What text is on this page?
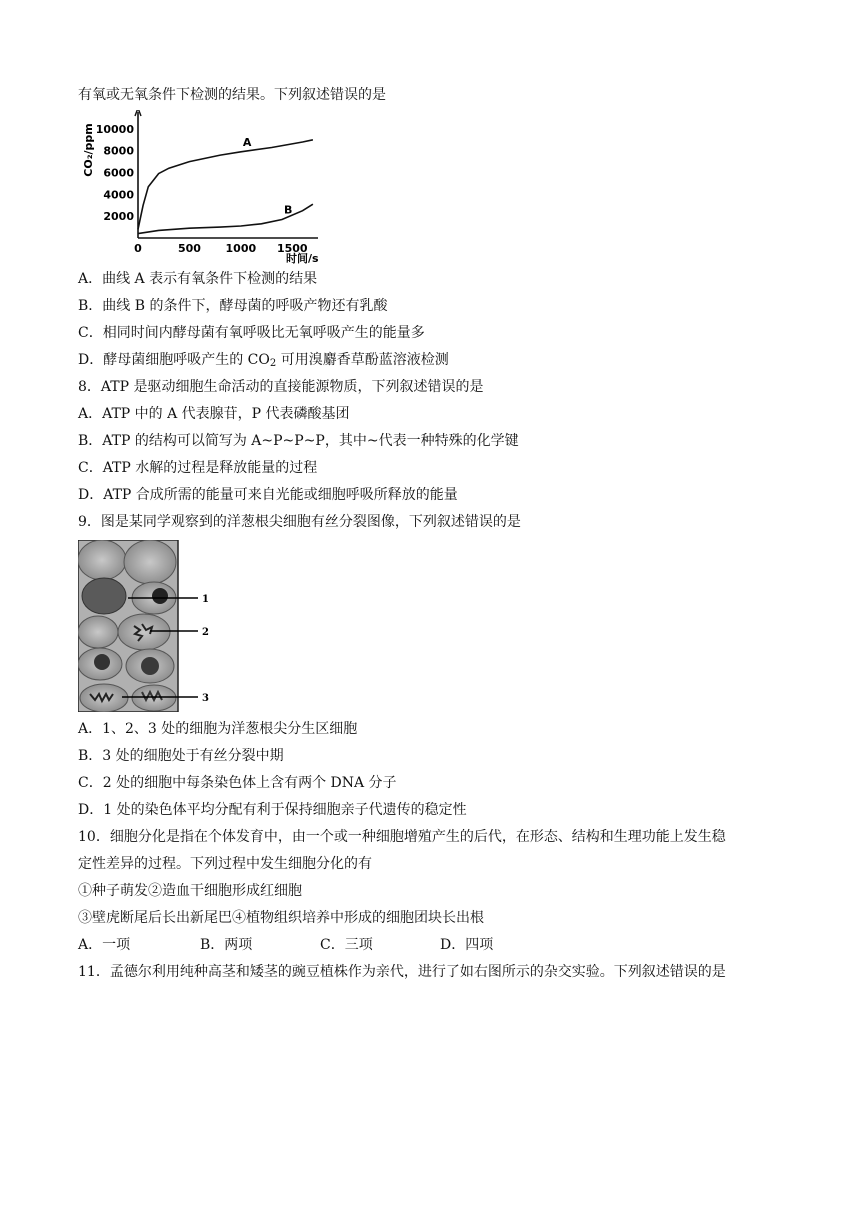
有氧或无氧条件下检测的结果。下列叙述错误的是
2000
4000
6000
8000
10000
0	500 1000 1500
A
B
CO₂/ppm
时间/s
A．曲线 A 表示有氧条件下检测的结果
B．曲线 B 的条件下，酵母菌的呼吸产物还有乳酸
C．相同时间内酵母菌有氧呼吸比无氧呼吸产生的能量多
D．酵母菌细胞呼吸产生的 $CO_2$ 可用溴麝香草酚蓝溶液检测
8．ATP 是驱动细胞生命活动的直接能源物质，下列叙述错误的是
A．ATP 中的 A 代表腺苷，P 代表磷酸基团
B．ATP 的结构可以简写为 A~P~P~P，其中~代表一种特殊的化学键
C．ATP 水解的过程是释放能量的过程
D．ATP 合成所需的能量可来自光能或细胞呼吸所释放的能量
9．图是某同学观察到的洋葱根尖细胞有丝分裂图像，下列叙述错误的是
1
2
3
A．1、2、3 处的细胞为洋葱根尖分生区细胞
B．3 处的细胞处于有丝分裂中期
C．2 处的细胞中每条染色体上含有两个 DNA 分子
D．1 处的染色体平均分配有利于保持细胞亲子代遗传的稳定性
10．细胞分化是指在个体发育中，由一个或一种细胞增殖产生的后代，在形态、结构和生理功能上发生稳
定性差异的过程。下列过程中发生细胞分化的有
①种子萌发②造血干细胞形成红细胞
③壁虎断尾后长出新尾巴④植物组织培养中形成的细胞团块长出根
A．一项	B．两项	C．三项	D．四项
11．孟德尔利用纯种高茎和矮茎的豌豆植株作为亲代，进行了如右图所示的杂交实验。下列叙述错误的是
